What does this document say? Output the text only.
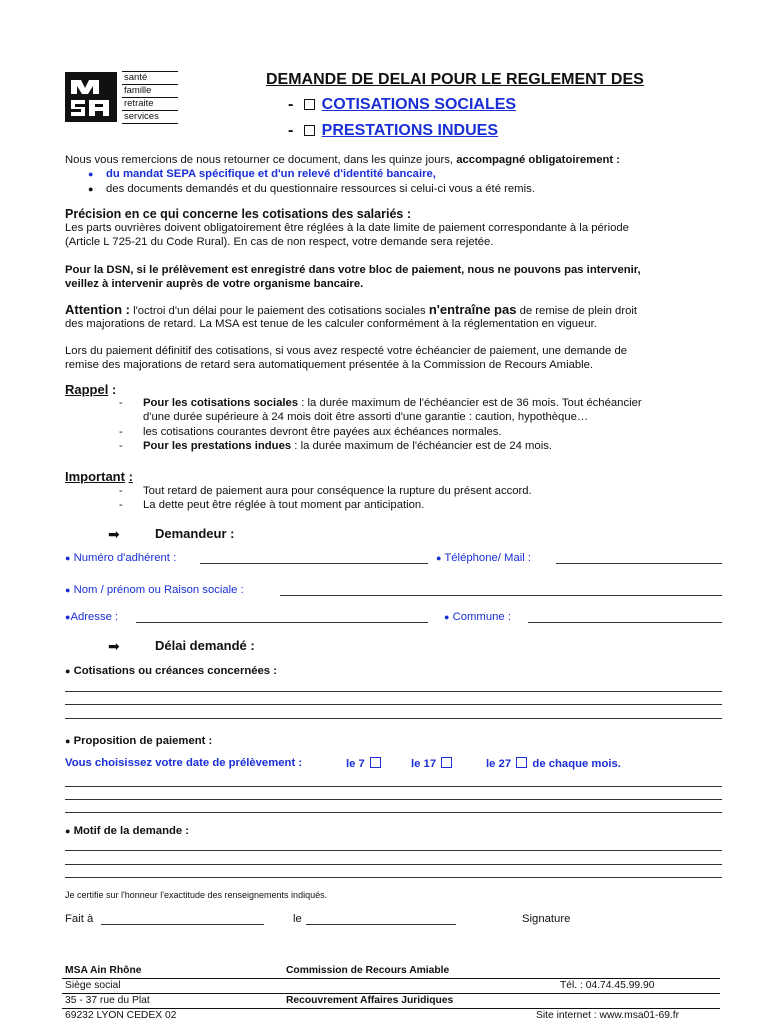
santé
famille
retraite
services
DEMANDE DE DELAI POUR LE REGLEMENT DES
- COTISATIONS SOCIALES
- PRESTATIONS INDUES
Nous vous remercions de nous retourner ce document, dans les quinze jours, accompagné obligatoirement :
● du mandat SEPA spécifique et d'un relevé d'identité bancaire,
● des documents demandés et du questionnaire ressources si celui-ci vous a été remis.
Précision en ce qui concerne les cotisations des salariés :
Les parts ouvrières doivent obligatoirement être réglées à la date limite de paiement correspondante à la période
(Article L 725-21 du Code Rural). En cas de non respect, votre demande sera rejetée.
Pour la DSN, si le prélèvement est enregistré dans votre bloc de paiement, nous ne pouvons pas intervenir,
veillez à intervenir auprès de votre organisme bancaire.
Attention : l'octroi d'un délai pour le paiement des cotisations sociales n'entraîne pas de remise de plein droit
des majorations de retard. La MSA est tenue de les calculer conformément à la réglementation en vigueur.
Lors du paiement définitif des cotisations, si vous avez respecté votre échéancier de paiement, une demande de
remise des majorations de retard sera automatiquement présentée à la Commission de Recours Amiable.
Rappel :
- Pour les cotisations sociales : la durée maximum de l'échéancier est de 36 mois. Tout échéancier
d'une durée supérieure à 24 mois doit être assorti d'une garantie : caution, hypothèque…
- les cotisations courantes devront être payées aux échéances normales.
- Pour les prestations indues : la durée maximum de l'échéancier est de 24 mois.
Important :
- Tout retard de paiement aura pour conséquence la rupture du présent accord.
- La dette peut être réglée à tout moment par anticipation.
➡	Demandeur :
● Numéro d'adhérent :	● Téléphone/ Mail :
● Nom / prénom ou Raison sociale :
●Adresse :	● Commune :
➡	Délai demandé :
● Cotisations ou créances concernées :
● Proposition de paiement :
Vous choisissez votre date de prélèvement :	le 7	le 17	le 27 de chaque mois.
● Motif de la demande :
Je certifie sur l'honneur l'exactitude des renseignements indiqués.
Fait à	le	Signature
MSA Ain Rhône	Commission de Recours Amiable
Siège social	Tél. : 04.74.45.99.90
35 - 37 rue du Plat	Recouvrement Affaires Juridiques
69232 LYON CEDEX 02	Site internet : www.msa01-69.fr
